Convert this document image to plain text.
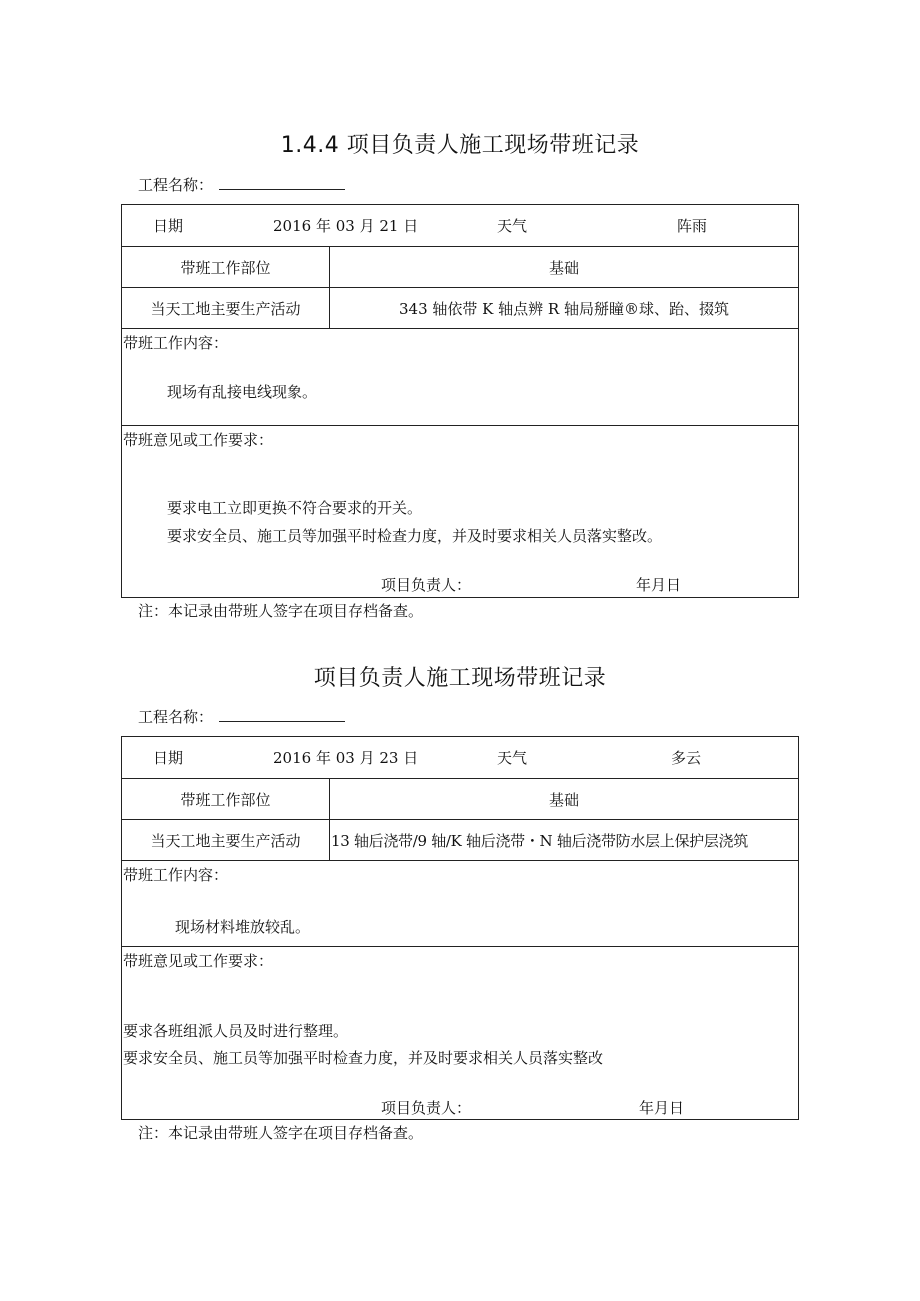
1.4.4 项目负责人施工现场带班记录
工程名称：
日期	2016 年 03 月 21 日	天气	阵雨
带班工作部位	基础
当天工地主要生产活动	343 轴依带 K 轴点辨 R 轴局掰瞳®球、跆、掇筑
带班工作内容：
现场有乱接电线现象。
带班意见或工作要求：
要求电工立即更换不符合要求的开关。
要求安全员、施工员等加强平时检查力度，并及时要求相关人员落实整改。
项目负责人：	年月日
注：本记录由带班人签字在项目存档备查。
项目负责人施工现场带班记录
工程名称：
日期	2016 年 03 月 23 日	天气	多云
带班工作部位	基础
当天工地主要生产活动	13 轴后浇带/9 轴/K 轴后浇带・N 轴后浇带防水层上保护层浇筑
带班工作内容：
现场材料堆放较乱。
带班意见或工作要求：
要求各班组派人员及时进行整理。
要求安全员、施工员等加强平时检查力度，并及时要求相关人员落实整改
项目负责人：	年月日
注：本记录由带班人签字在项目存档备查。
